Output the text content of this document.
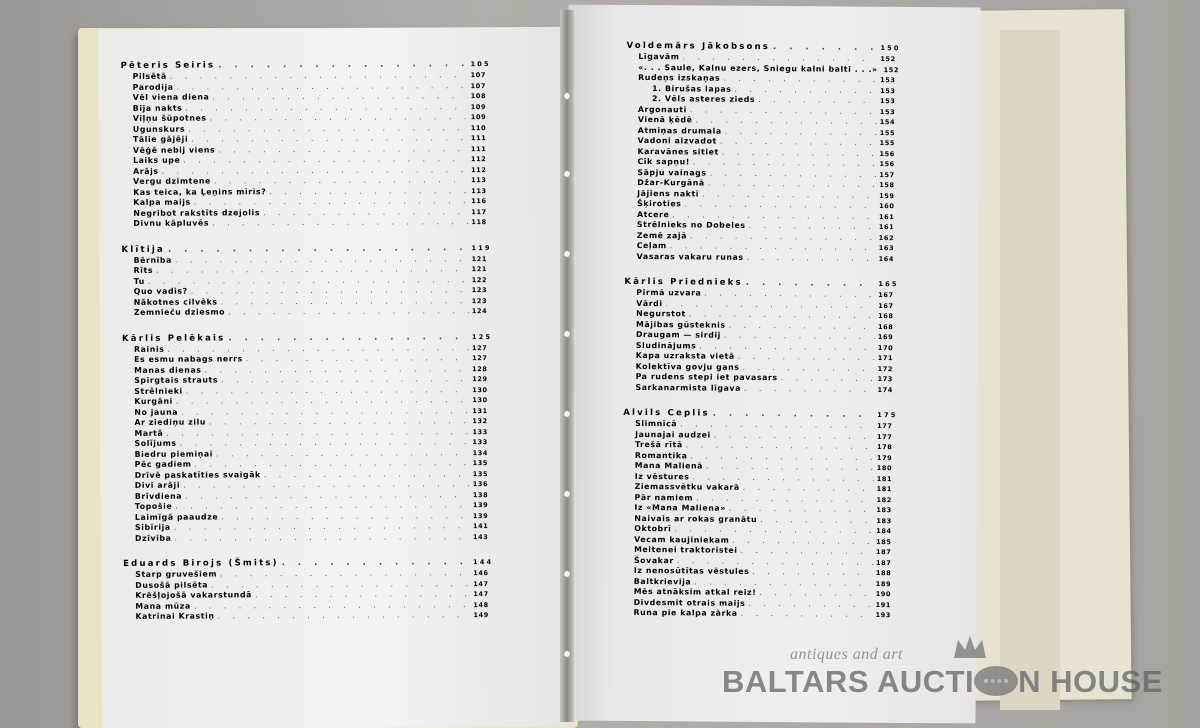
Pēteris Seiris . . .	105
Pilsētā . . .	107
Parodija . . .	107
Vēl viena diena . . .	108
Bija nakts . . .	109
Viļņu šūpotnes . . .	109
Ugunskurs . . .	110
Tālie gājēji . . .	111
Vēģē nebij viens . . .	111
Laiks upe . . .	112
Arājs . . .	112
Vergu dzimtene . . .	113
Kas teica, ka Ļeņins miris? . . .	113
Kalpa maijs . . .	116
Negribot rakstīts dzejolis . . .	117
Divnu kāpluvēs . . .	118
Klītija . . .	119
Bērnība . . .	121
Rīts . . .	121
Tu . . .	122
Quo vadis? . . .	123
Nākotnes cilvēks . . .	123
Zemnieču dziesmo . . .	124
Kārlis Pelēkais . . .	125
Rainis . . .	127
Es esmu nabags nerrs . . .	127
Manas dienas . . .	128
Spirgtais strauts . . .	129
Strēlnieki . . .	130
Kurgāni . . .	130
No jauna . . .	131
Ar ziediņu zilu . . .	132
Martā . . .	133
Solījums . . .	133
Biedru piemiņai . . .	134
Pēc gadiem . . .	135
Drīvē paskatīties svaigāk . . .	135
Divi arāji . . .	136
Brīvdiena . . .	138
Topošie . . .	139
Laimīgā paaudze . . .	139
Sibīrija . . .	141
Dzīvība . . .	143
Eduards Birojs (Šmits) . . .	144
Starp gruvešiem . . .	146
Dusošā pilsēta . . .	147
Krēšļojošā vakarstundā . . .	147
Mana mūza . . .	148
Katrīnai Krastiņ . . .	149
Voldemārs Jākobsons . . .	150
Līgavām . . .	152
«. . . Saule, Kalnu ezers, Sniegu kalni balti . . .» . . . 152
Rudeņs izskaņas . . .	153
1. Birušas lapas . . .	153
2. Vēls asteres zieds . . .	153
Argonauti . . .	153
Vienā ķēdē . . .	154
Atmiņas drumala . . .	155
Vadoni aizvadot . . .	155
Karavānes sitiet . . .	156
Cik sapņu! . . .	156
Sāpju vainags . . .	157
Džar-Kurgānā . . .	158
Jājiens naktī . . .	159
Šķiroties . . .	160
Atcere . . .	161
Strēlnieks no Dobeles . . .	161
Zemē zajā . . .	162
Ceļam . . .	163
Vasaras vakaru runas . . .	164
Kārlis Priednieks . . .	165
Pirmā uzvara . . .	167
Vārdi . . .	167
Negurstot . . .	168
Mājibas gūsteknis . . .	168
Draugam — sirdij . . .	169
Sludinājums . . .	170
Kapa uzraksta vietā . . .	171
Kolektīva govju gans . . .	172
Pa rudens stepi iet pavasars . . .	173
Sarkanarmista līgava . . .	174
Alvils Ceplis . . .	175
Slimnīcā . . .	177
Jaunajai audzei . . .	177
Trešā rītā . . .	178
Romantika . . .	179
Mana Malienā . . .	180
Iz vēstures . . .	181
Ziemassvētku vakarā . . .	181
Pār namiem . . .	182
Iz «Mana Maliena» . . .	183
Naivais ar rokas granātu . . .	183
Oktobrī . . .	184
Vecam kaujiniekam . . .	185
Meitenei traktoristei . . .	187
Šovakar . . .	187
Iz nenosūtītas vēstules . . .	188
Baltkrievija . . .	189
Mēs atnāksim atkal reiz! . . .	190
Divdesmit otrais maijs . . .	191
Runa pie kalpa zārka . . .	193
antiques and art
BALTARS AUCTI N HOUSE
